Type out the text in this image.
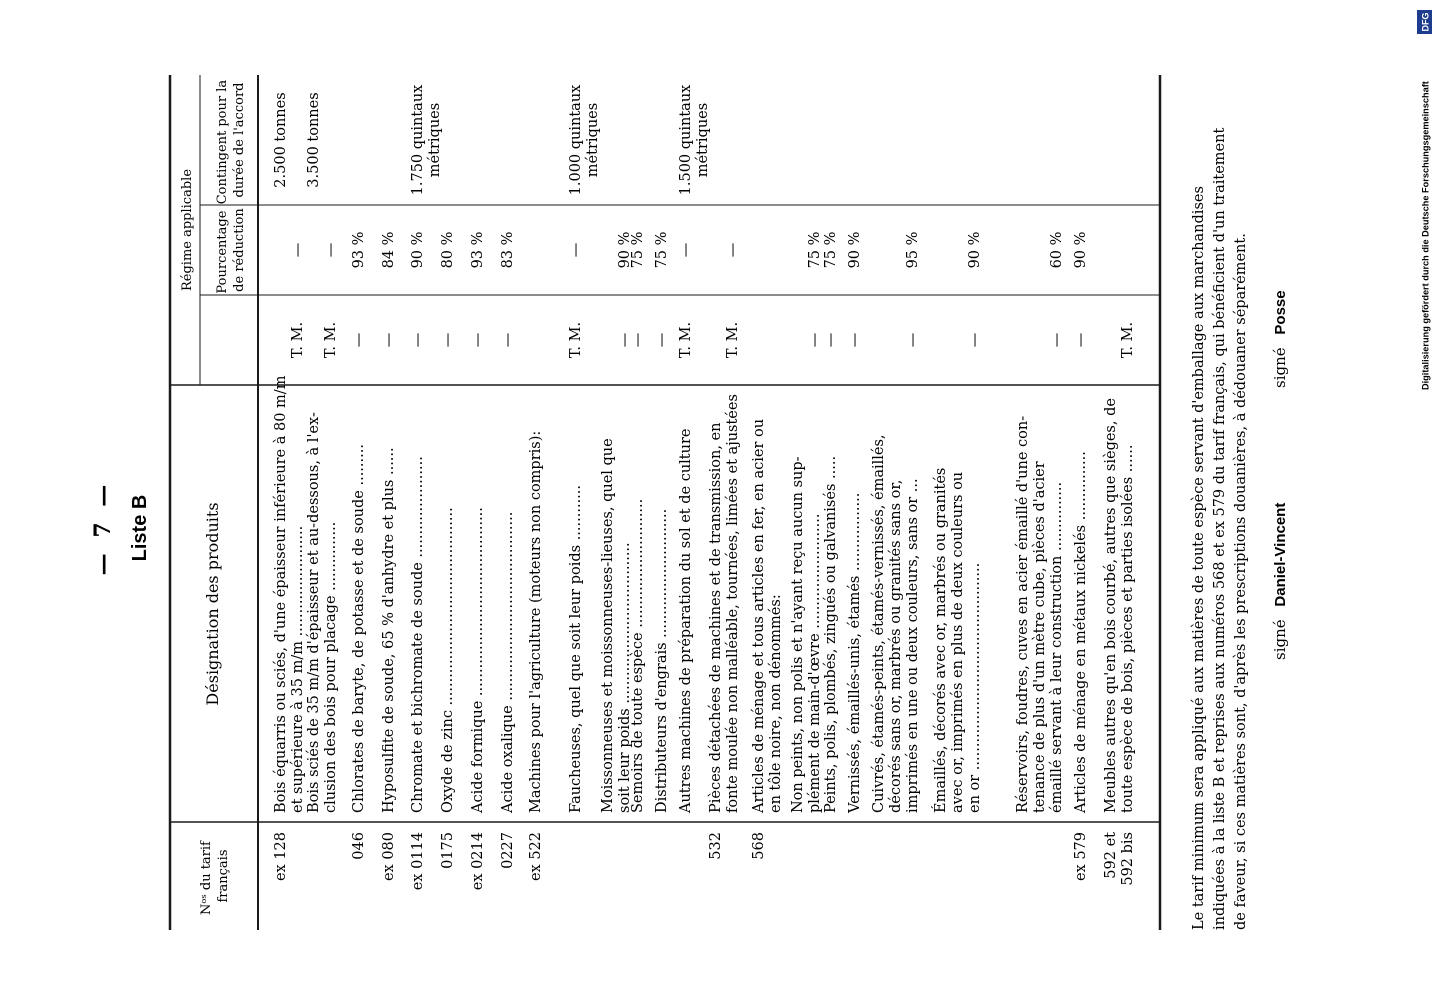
— 7 — Liste B
Nᵒˢ du tarif français
Désignation des produits
Régime applicable Pourcentage de réduction
Contingent pour la durée de l'accord
ex 128
Bois équarris ou sciés, d'une épaisseur inférieure à 80 m/m et supérieure à 35 m/m ........................
T. M.
—
2.500 tonnes
Bois sciés de 35 m/m d'épaisseur et au-dessous, à l'ex- clusion des bois pour placage ...............
T. M.
—
3.500 tonnes
046
Chlorates de baryte, de potasse et de soude .........
—
93 %
ex 080
Hyposulfite de soude, 65 % d'anhydre et plus ......
—
84 %
ex 0114
Chromate et bichromate de soude ......................
—
90 %
1.750 quintaux métriques
0175
Oxyde de zinc ...........................................
—
80 %
ex 0214
Acide formique .........................................
—
93 %
0227
Acide oxalique .........................................
—
83 %
ex 522
Machines pour l'agriculture (moteurs non compris): Faucheuses, quel que soit leur poids ............
T. M.
—
1.000 quintaux métriques
Moissonneuses et moissonneuses-lieuses, quel que soit leur poids ...................................
—
90 %
Semoirs de toute espèce ............................
—
75 %
Distributeurs d'engrais ............................
—
75 %
Autres machines de préparation du sol et de culture
T. M.
—
1.500 quintaux métriques
532
Pièces détachées de machines et de transmission, en fonte moulée non malléable, tournées, limées et ajustées
T. M.
—
568
Articles de ménage et tous articles en fer, en acier ou en tôle noire, non dénommés: Non peints, non polis et n'ayant reçu aucun sup- plément de main-d'œvre .........................
—
75 %
Peints, polis, plombés, zingués ou galvanisés .....
—
75 %
Vernissés, émaillés-unis, étamés .................
—
90 %
Cuivrés, étamés-peints, étamés-vernissés, émaillés, décorés sans or, marbrés ou granités sans or, imprimés en une ou deux couleurs, sans or ...
—
95 %
Émaillés, décorés avec or, marbrés ou granités avec or, imprimés en plus de deux couleurs ou en or .............................................
—
90 %
Réservoirs, foudres, cuves en acier émaillé d'une con- tenance de plus d'un mètre cube, pièces d'acier émaillé servant à leur construction ...............
—
60 %
ex 579
Articles de ménage en métaux nickelés ...............
—
90 %
592 et 592 bis
Meubles autres qu'en bois courbé, autres que sièges, de toute espèce de bois, pièces et parties isolées ......
T. M.	Le tarif minimum sera appliqué aux matières de toute espèce servant d'emballage aux marchandises indiquées à la liste B et reprises aux numéros 568 et ex 579 du tarif français, qui bénéficient d'un traitement de faveur, si ces matières sont, d'après les prescriptions douanières, à dédouaner séparément. signé Daniel-Vincent
signé Posse
DFG
Digitalisierung gefördert durch die Deutsche Forschungsgemeinschaft
